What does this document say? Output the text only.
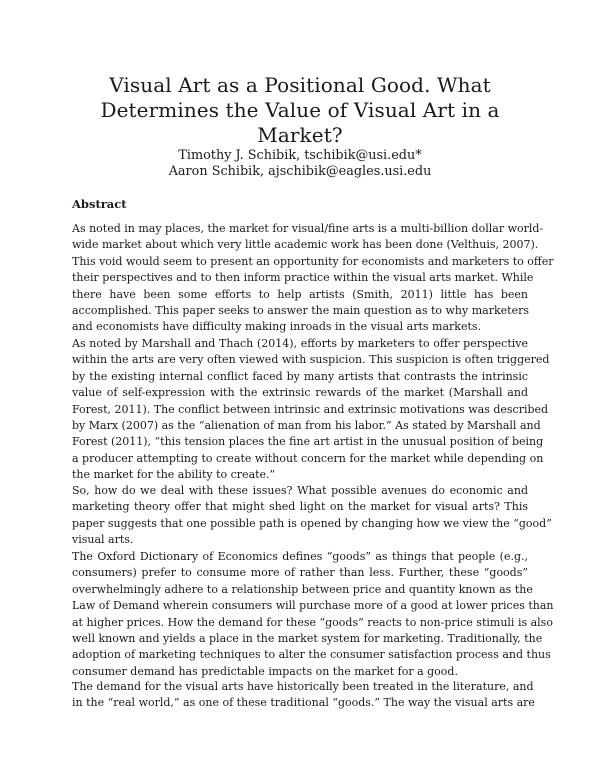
Visual Art as a Positional Good. What
Determines the Value of Visual Art in a Market?
Timothy J. Schibik, tschibik@usi.edu*
Aaron Schibik, ajschibik@eagles.usi.edu
Abstract

As noted in may places, the market for visual/fine arts is a multi-billion dollar world-
wide market about which very little academic work has been done (Velthuis, 2007).
This void would seem to present an opportunity for economists and marketers to offer
their perspectives and to then inform practice within the visual arts market. While
there have been some efforts to help artists (Smith, 2011) little has been
accomplished. This paper seeks to answer the main question as to why marketers
and economists have difficulty making inroads in the visual arts markets.

As noted by Marshall and Thach (2014), efforts by marketers to offer perspective
within the arts are very often viewed with suspicion. This suspicion is often triggered
by the existing internal conflict faced by many artists that contrasts the intrinsic
value of self-expression with the extrinsic rewards of the market (Marshall and
Forest, 2011). The conflict between intrinsic and extrinsic motivations was described
by Marx (2007) as the “alienation of man from his labor.” As stated by Marshall and
Forest (2011), “this tension places the fine art artist in the unusual position of being
a producer attempting to create without concern for the market while depending on
the market for the ability to create.”

So, how do we deal with these issues? What possible avenues do economic and
marketing theory offer that might shed light on the market for visual arts? This
paper suggests that one possible path is opened by changing how we view the “good”
visual arts.

The Oxford Dictionary of Economics defines “goods” as things that people (e.g.,
consumers) prefer to consume more of rather than less. Further, these “goods”
overwhelmingly adhere to a relationship between price and quantity known as the
Law of Demand wherein consumers will purchase more of a good at lower prices than
at higher prices. How the demand for these “goods” reacts to non-price stimuli is also
well known and yields a place in the market system for marketing. Traditionally, the
adoption of marketing techniques to alter the consumer satisfaction process and thus
consumer demand has predictable impacts on the market for a good.

The demand for the visual arts have historically been treated in the literature, and
in the “real world,” as one of these traditional “goods.” The way the visual arts are
